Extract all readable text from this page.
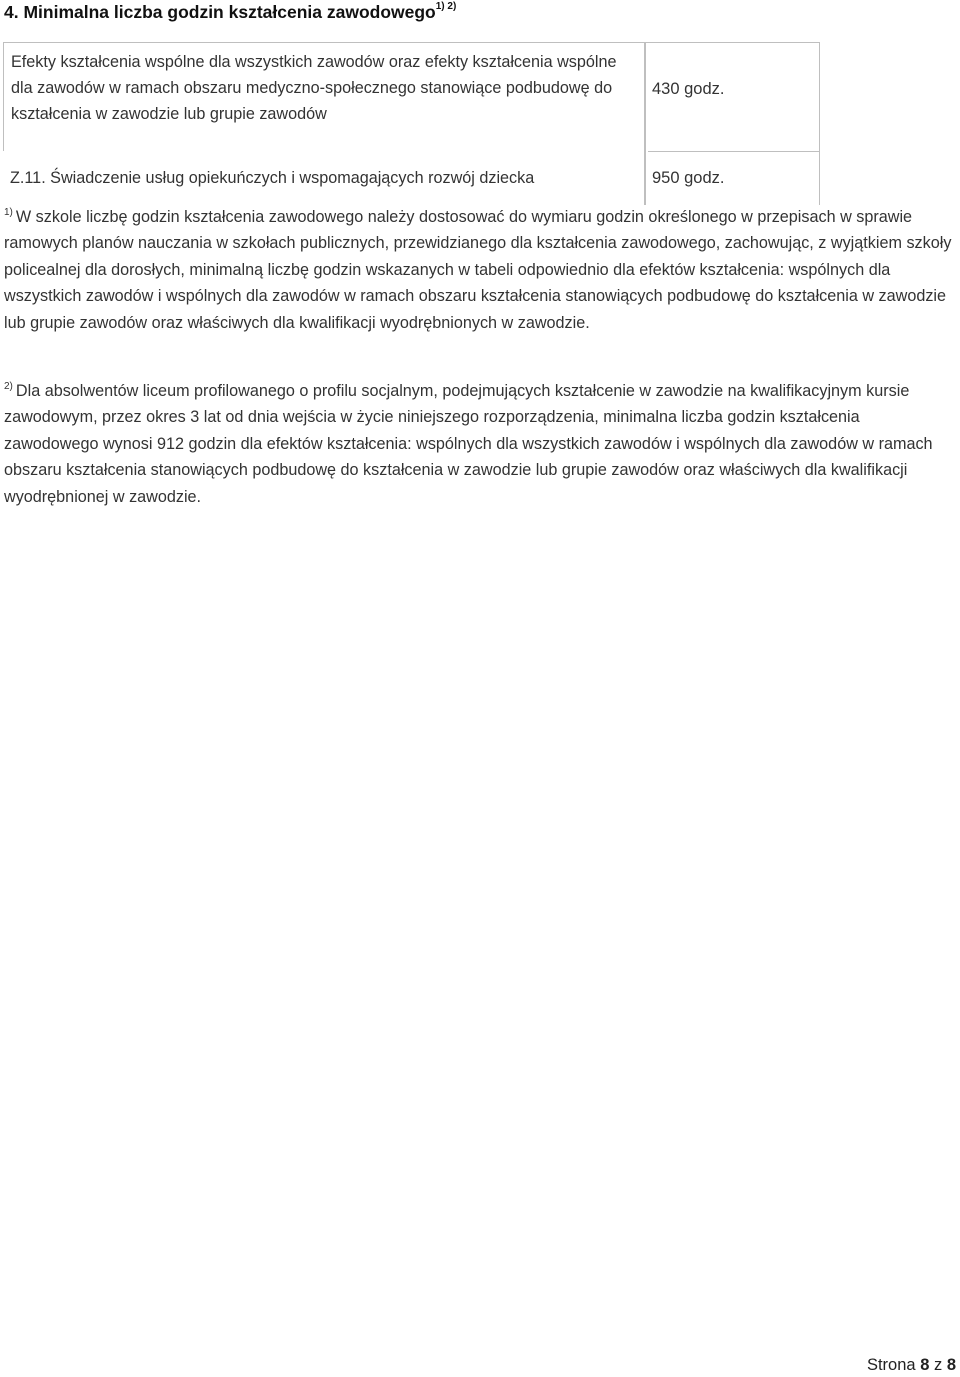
4. Minimalna liczba godzin kształcenia zawodowego$^{1) 2)}$
Efekty kształcenia wspólne dla wszystkich zawodów oraz efekty kształcenia wspólne dla zawodów w ramach obszaru medyczno-społecznego stanowiące podbudowę do kształcenia w zawodzie lub grupie zawodów
430 godz.
Z.11. Świadczenie usług opiekuńczych i wspomagających rozwój dziecka	950 godz.
$^{1)}$ W szkole liczbę godzin kształcenia zawodowego należy dostosować do wymiaru godzin określonego w przepisach w sprawie ramowych planów nauczania w szkołach publicznych, przewidzianego dla kształcenia zawodowego, zachowując, z wyjątkiem szkoły policealnej dla dorosłych, minimalną liczbę godzin wskazanych w tabeli odpowiednio dla efektów kształcenia: wspólnych dla wszystkich zawodów i wspólnych dla zawodów w ramach obszaru kształcenia stanowiących podbudowę do kształcenia w zawodzie lub grupie zawodów oraz właściwych dla kwalifikacji wyodrębnionych w zawodzie.
$^{2)}$ Dla absolwentów liceum profilowanego o profilu socjalnym, podejmujących kształcenie w zawodzie na kwalifikacyjnym kursie zawodowym, przez okres 3 lat od dnia wejścia w życie niniejszego rozporządzenia, minimalna liczba godzin kształcenia zawodowego wynosi 912 godzin dla efektów kształcenia: wspólnych dla wszystkich zawodów i wspólnych dla zawodów w ramach obszaru kształcenia stanowiących podbudowę do kształcenia w zawodzie lub grupie zawodów oraz właściwych dla kwalifikacji wyodrębnionej w zawodzie.
Strona 8 z 8
